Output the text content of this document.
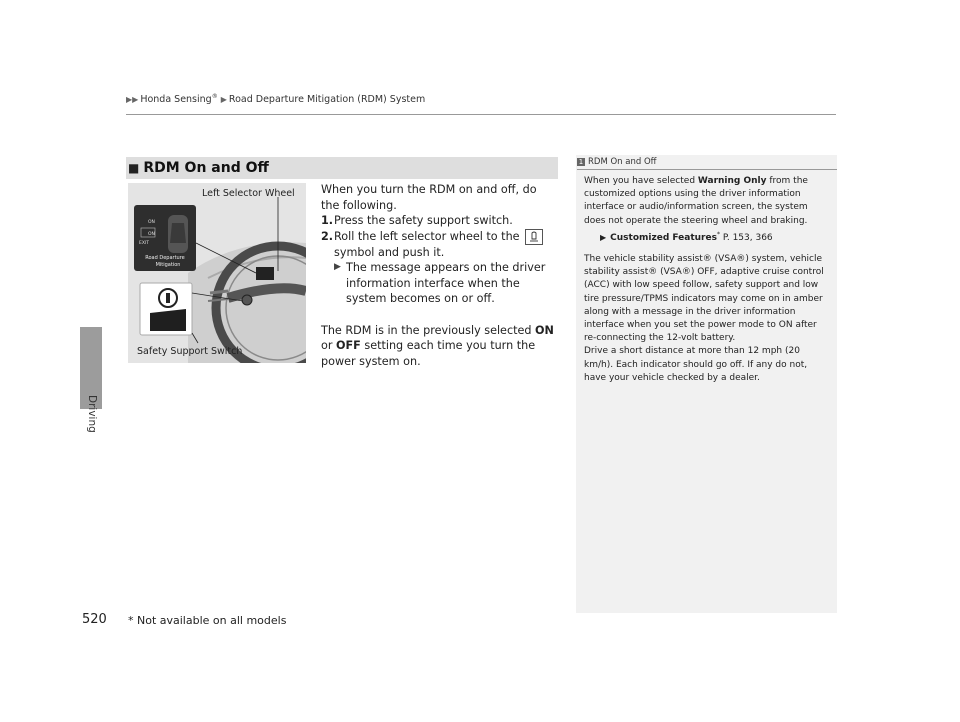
▶▶ Honda Sensing® ▶ Road Departure Mitigation (RDM) System
Driving
■ RDM On and Off
ON
ON
EXIT
Road Departure
Mitigation
Left Selector Wheel
Safety Support Switch

When you turn the RDM on and off, do the following.

1. Press the safety support switch.
2. Roll the left selector wheel to the
symbol and push it.
▶ The message appears on the driver information interface when the system becomes on or off.

The RDM is in the previously selected ON or OFF setting each time you turn the power system on.

1 RDM On and Off

When you have selected Warning Only from the customized options using the driver information interface or audio/information screen, the system does not operate the steering wheel and braking.

▶ Customized Features* P. 153, 366

The vehicle stability assist® (VSA®) system, vehicle stability assist® (VSA®) OFF, adaptive cruise control (ACC) with low speed follow, safety support and low tire pressure/TPMS indicators may come on in amber along with a message in the driver information interface when you set the power mode to ON after re-connecting the 12-volt battery.

Drive a short distance at more than 12 mph (20 km/h). Each indicator should go off. If any do not, have your vehicle checked by a dealer.

520 * Not available on all models
